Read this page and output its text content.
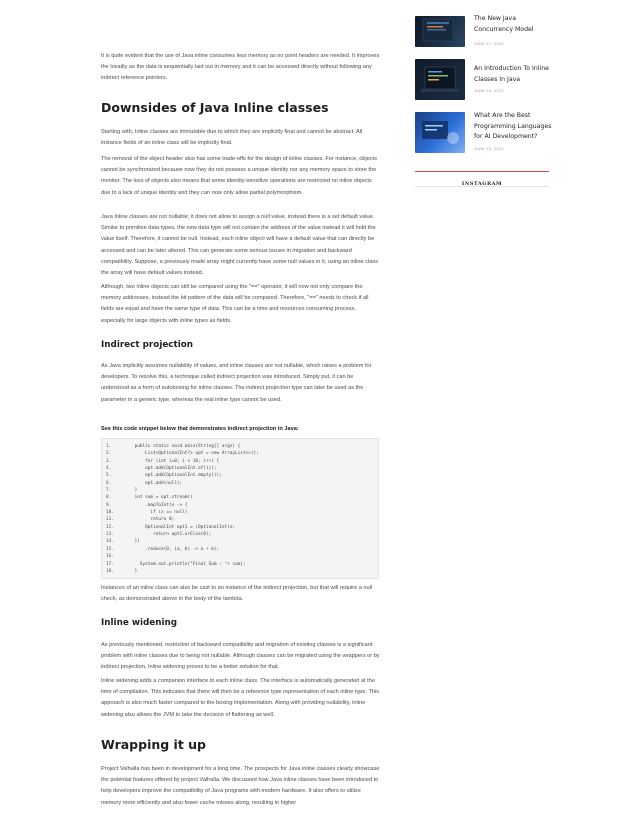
It is quite evident that the use of Java inline consumes less memory as no point headers are needed. It improves the locality as the data is sequentially laid out in memory and it can be accessed directly without following any indirect reference pointers.

Downsides of Java Inline classes

Starting with, Inline classes are immutable due to which they are implicitly final and cannot be abstract. All instance fields of an inline class will be implicitly final.

The removal of the object header also has some trade-offs for the design of inline classes. For instance, objects cannot be synchronized because now they do not possess a unique identity nor any memory space to store the monitor. The loss of objects also means that some identity-sensitive operations are restricted on inline objects due to a lack of unique identity and they can now only allow partial polymorphism.

Java Inline classes are not nullable; it does not allow to assign a null value, instead there is a set default value. Similar to primitive data types, the new data type will not contain the address of the value instead it will hold the value itself. Therefore, it cannot be null. Instead, each inline object will have a default value that can directly be accessed and can be later altered. This can generate some serious issues in migration and backward compatibility. Suppose, a previously made array might currently have some null values in it, using an inline class the array will have default values instead.

Although, two inline objects can still be compared using the "==" operator, it will now not only compare the memory addresses, instead the bit pattern of the data will be compared. Therefore, "==" needs to check if all fields are equal and have the same type of data. This can be a time and resources consuming process, especially for large objects with inline types as fields.

Indirect projection

As Java implicitly assumes nullability of values, and inline classes are not nullable, which raises a problem for developers. To resolve this, a technique called indirect projection was introduced. Simply put, it can be understood as a form of autoboxing for inline classes. The indirect projection type can later be used as the parameter in a generic type, whereas the real inline type cannot be used.

See this code snippet below that demonstrates indirect projection in Java:

1.	public static void main(String[] args) {
2.	List<OptionalInt?> opt = new ArrayList<>();
3.	for (int i=0; i < 10; i++) {
4.	opt.add(OptionalInt.of(i));
5.	opt.add(OptionalInt.empty());
6.	opt.add(null);
7.	}
8.	int sum = opt.stream()
9.	.mapToInt(x -> {
10.	if (x == null)
11.	return 0;
12.	OptionalInt opt1 = (OptionalInt)x;
13.	return opt1.orElse(0);
14.	})
15.	.reduce(0, (a, b) -> a + b);
16.
17.	System.out.println("Final Sum : "+ sum);
18.	}

Instances of an inline class can also be cast to an instance of the indirect projection, but that will require a null check, as demonstrated above in the body of the lambda.

Inline widening

As previously mentioned, restriction of backward compatibility and migration of existing classes is a significant problem with inline classes due to being not nullable. Although classes can be migrated using the wrappers or by indirect projection, Inline widening proves to be a better solution for that.

Inline widening adds a companion interface to each inline class. The interface is automatically generated at the time of compilation. This indicates that there will then be a reference type representation of each inline type. This approach is also much faster compared to the boxing implementation. Along with providing nullability, inline widening also allows the JVM to take the decision of flattening as well.

Wrapping it up

Project Valhalla has been in development for a long time. The prospects for Java inline classes clearly showcase the potential features offered by project Valhalla. We discussed how Java inline classes have been introduced to help developers improve the compatibility of Java programs with modern hardware. It also offers to utilize memory more efficiently and also fewer cache misses along, resulting in higher

The New Java Concurrency Model
JUNE 17, 2022
An Introduction To Inline Classes In Java
JUNE 16, 2022
What Are the Best Programming Languages for AI Development?
JUNE 16, 2022
INSTAGRAM
